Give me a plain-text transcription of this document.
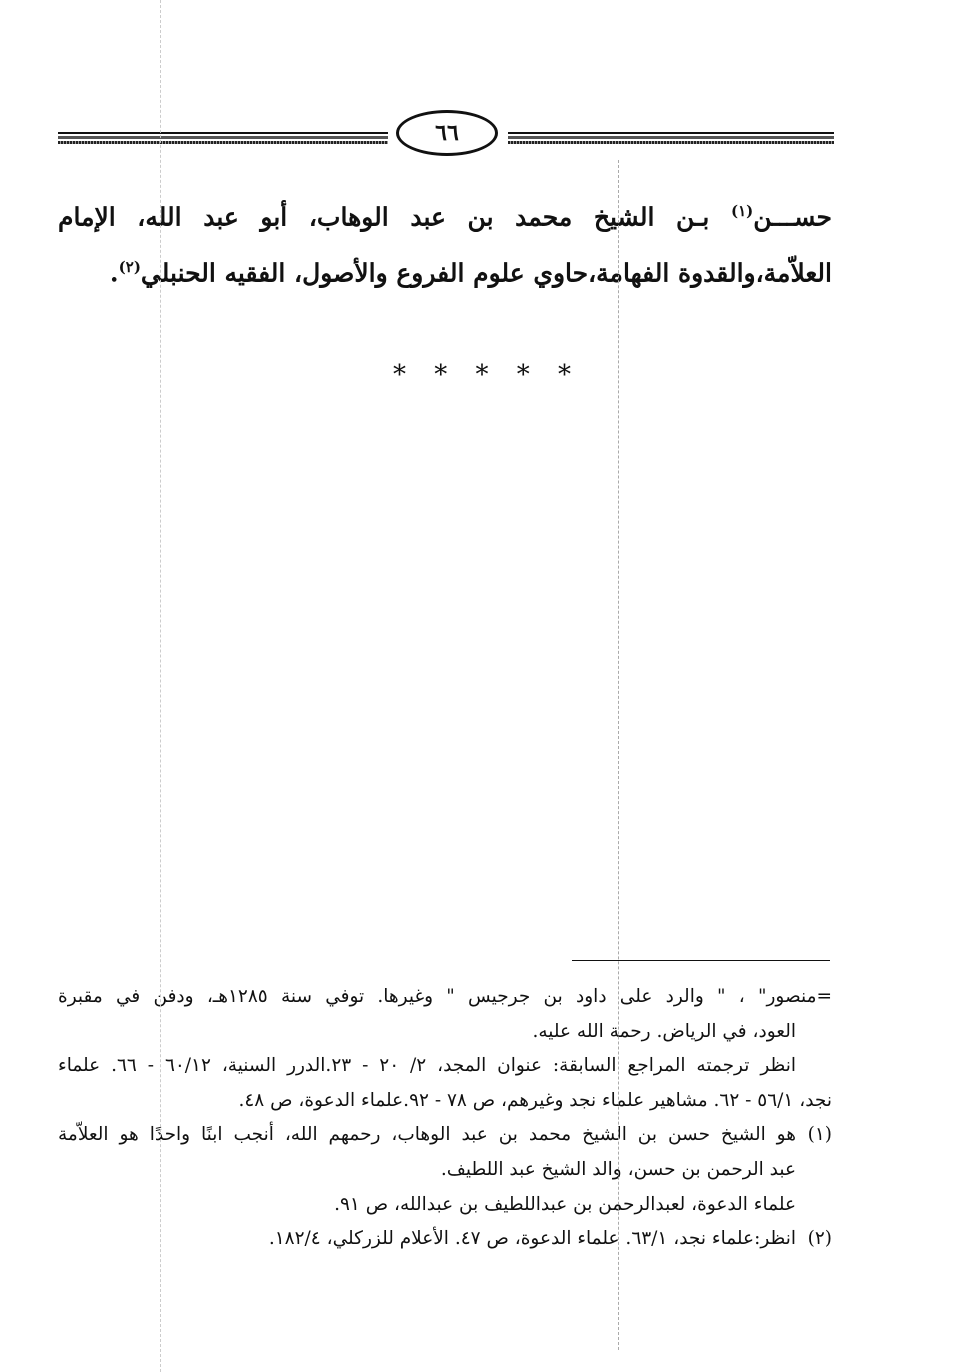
٦٦
حســـن$^{(١)}$ بـن الشيخ محمد بن عبد الوهاب، أبو عبد الله، الإمام العلاّمة،والقدوة الفهامة،حاوي علوم الفروع والأصول، الفقيه الحنبلي$^{(٢)}$.
* * * * *
=منصور" ، " والرد على داود بن جرجيس " وغيرها. توفي سنة ١٢٨٥هـ، ودفن في مقبرة
العود، في الرياض. رحمة الله عليه.
انظر ترجمته المراجع السابقة: عنوان المجد، ٢/ ٢٠ - ٢٣.الدرر السنية، ٦٠/١٢ - ٦٦. علماء
نجد، ٥٦/١ - ٦٢. مشاهير علماء نجد وغيرهم، ص ٧٨ - ٩٢.علماء الدعوة، ص ٤٨.
(١)هو الشيخ حسن بن الشيخ محمد بن عبد الوهاب، رحمهم الله، أنجب ابنًا واحدًا هو العلاّمة
عبد الرحمن بن حسن، والد الشيخ عبد اللطيف.
علماء الدعوة، لعبدالرحمن بن عبداللطيف بن عبدالله، ص ٩١.
(٢)انظر:علماء نجد، ٦٣/١. علماء الدعوة، ص ٤٧. الأعلام للزركلي، ١٨٢/٤.
